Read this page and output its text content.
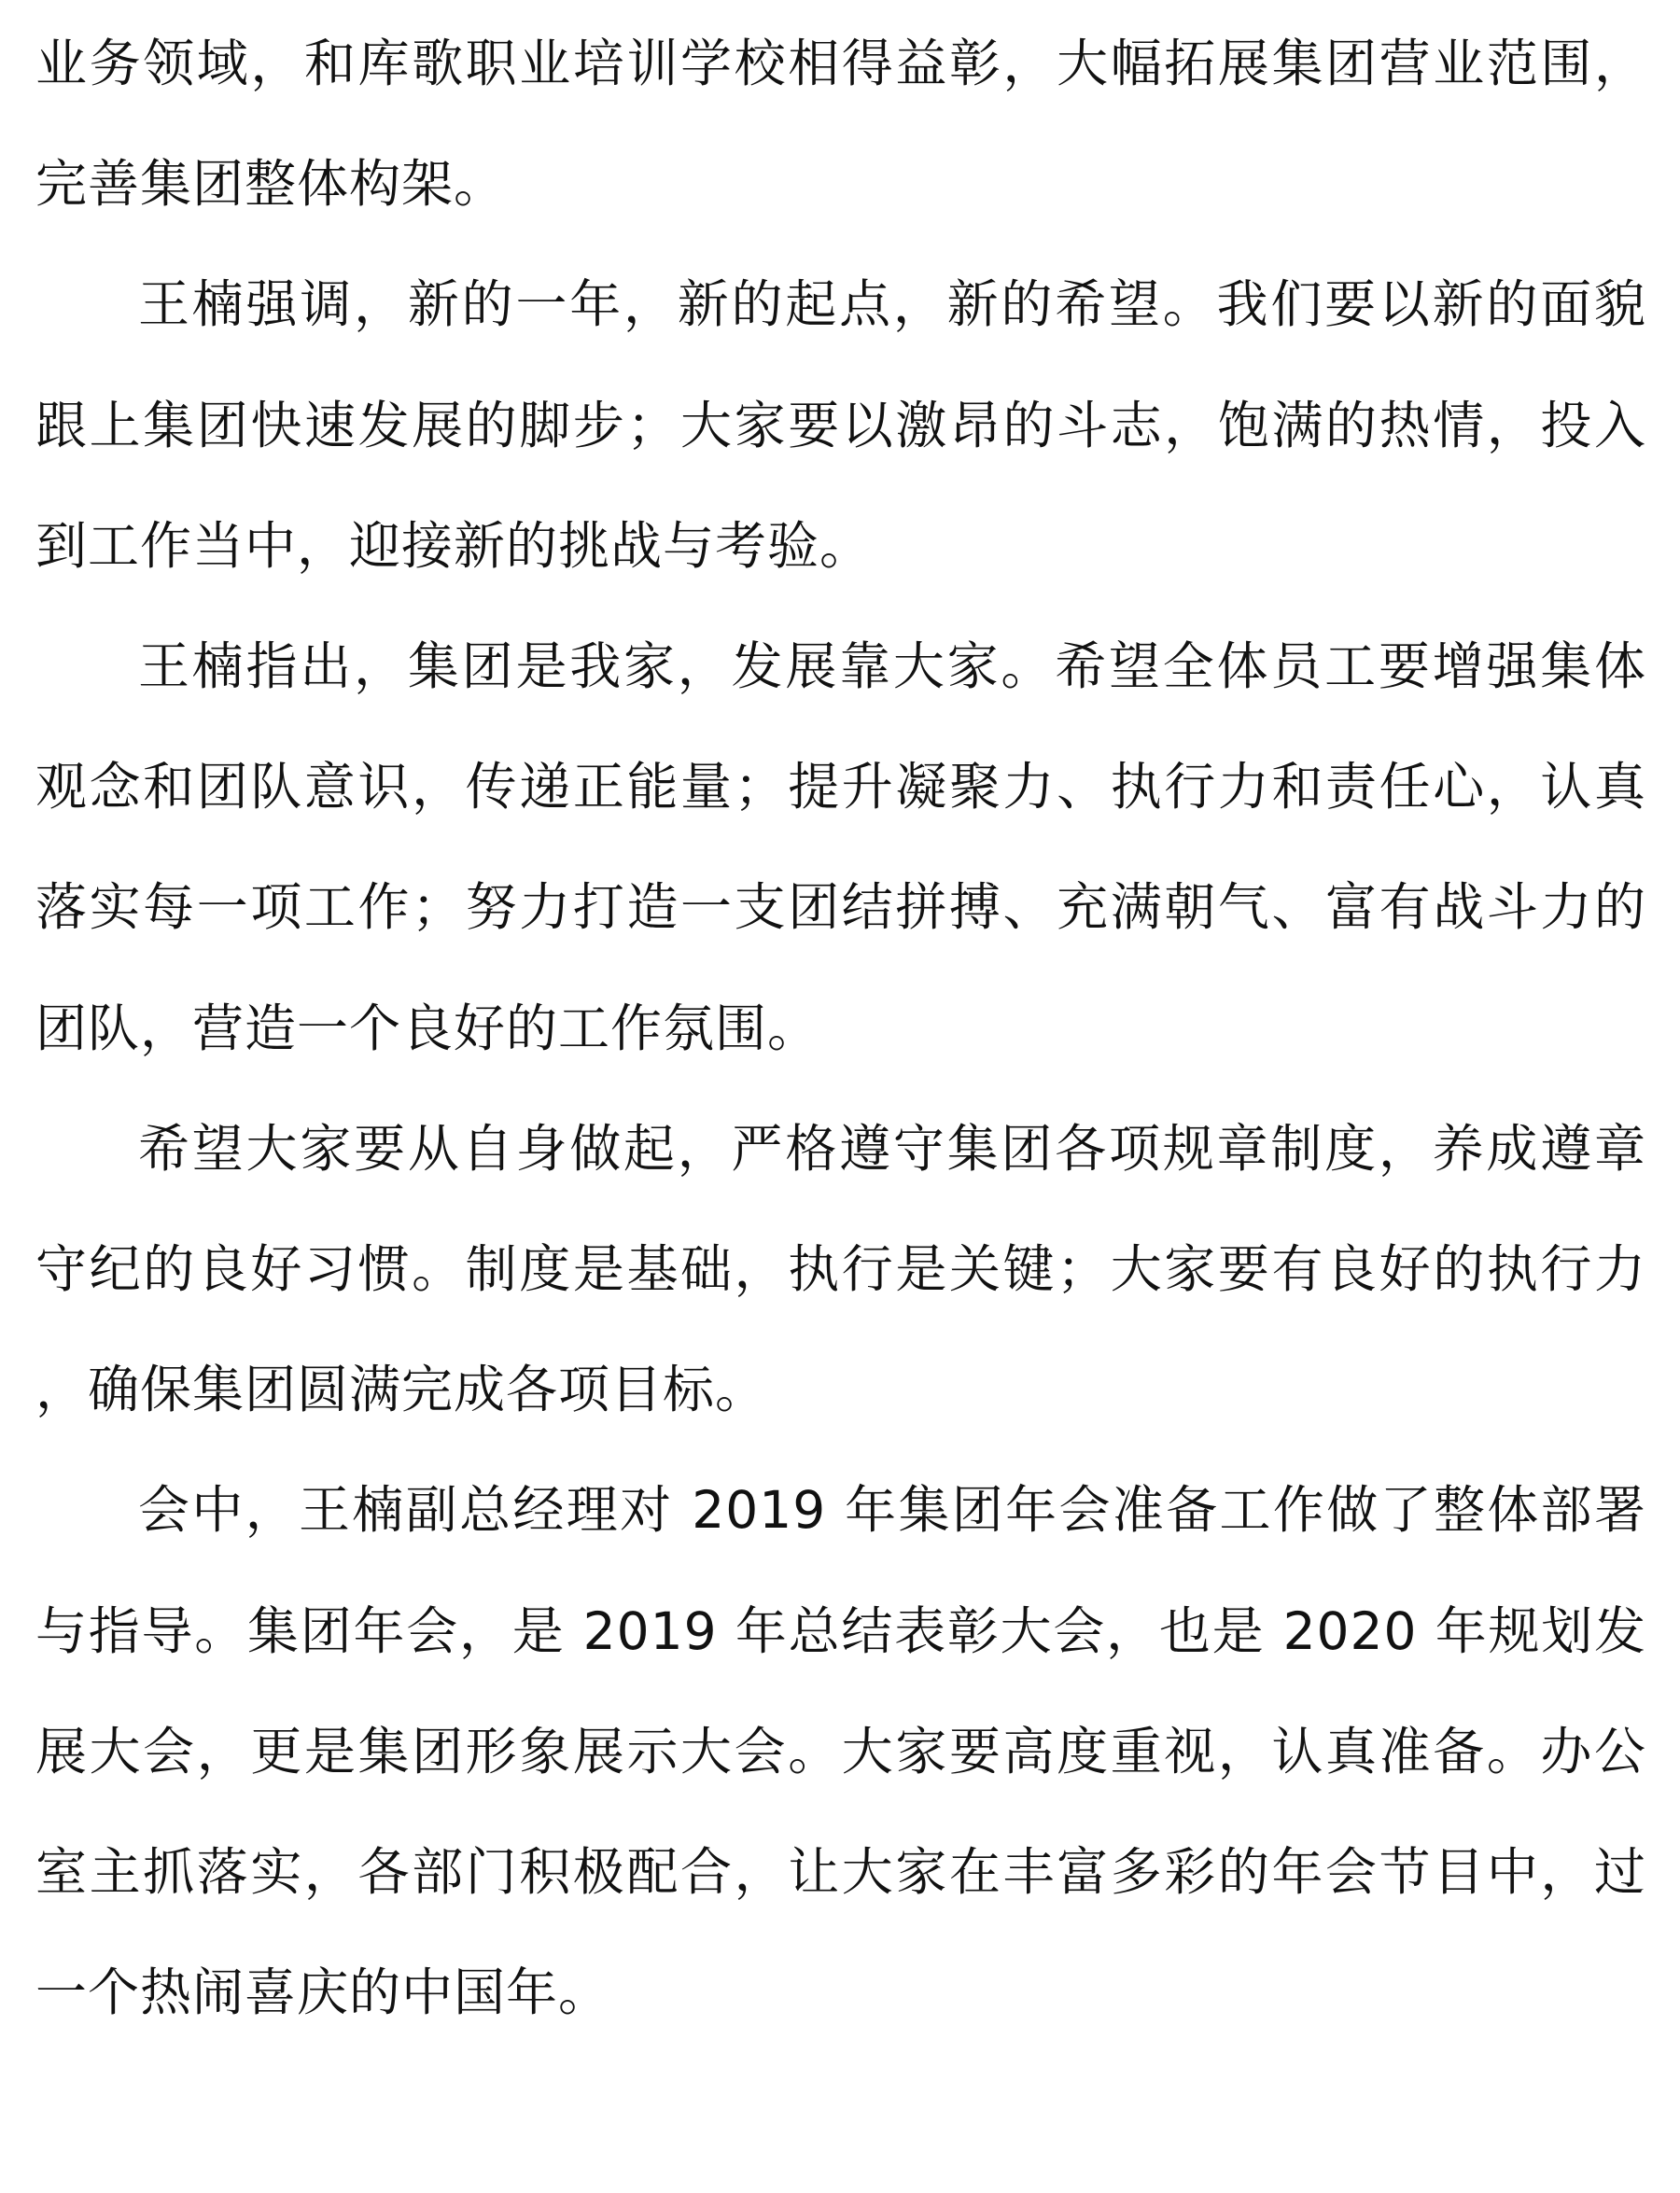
业务领域，和库歌职业培训学校相得益彰，大幅拓展集团营业范围，完善集团整体构架。

王楠强调，新的一年，新的起点，新的希望。我们要以新的面貌跟上集团快速发展的脚步；大家要以激昂的斗志，饱满的热情，投入到工作当中，迎接新的挑战与考验。

王楠指出，集团是我家，发展靠大家。希望全体员工要增强集体观念和团队意识，传递正能量；提升凝聚力、执行力和责任心，认真落实每一项工作；努力打造一支团结拼搏、充满朝气、富有战斗力的团队，营造一个良好的工作氛围。

希望大家要从自身做起，严格遵守集团各项规章制度，养成遵章守纪的良好习惯。制度是基础，执行是关键；大家要有良好的执行力，确保集团圆满完成各项目标。

会中，王楠副总经理对 2019 年集团年会准备工作做了整体部署与指导。集团年会，是 2019 年总结表彰大会，也是 2020 年规划发展大会，更是集团形象展示大会。大家要高度重视，认真准备。办公室主抓落实，各部门积极配合，让大家在丰富多彩的年会节目中，过一个热闹喜庆的中国年。
